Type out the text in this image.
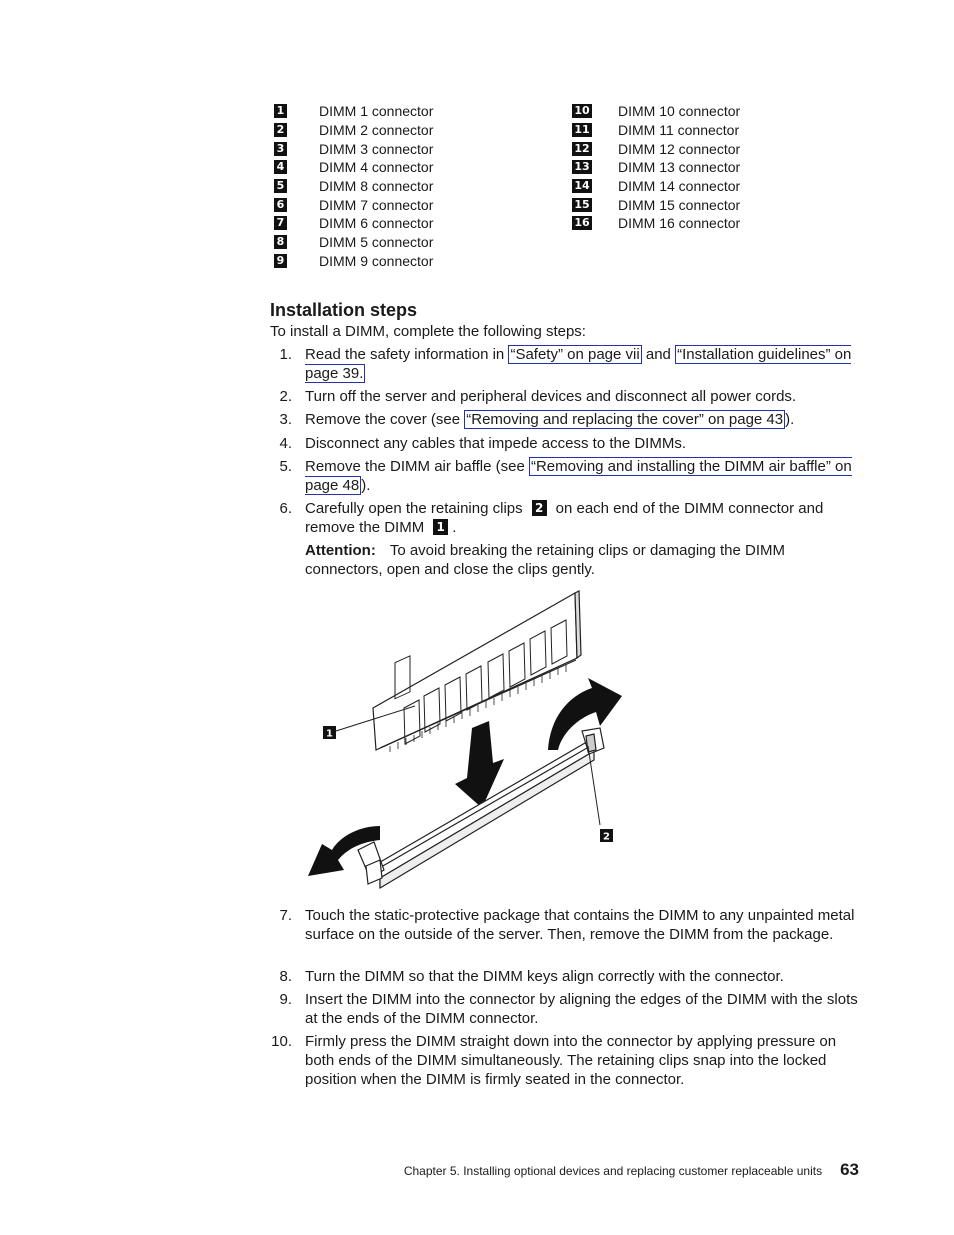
1 DIMM 1 connector
2 DIMM 2 connector
3 DIMM 3 connector
4 DIMM 4 connector
5 DIMM 8 connector
6 DIMM 7 connector
7 DIMM 6 connector
8 DIMM 5 connector
9 DIMM 9 connector
10 DIMM 10 connector
11 DIMM 11 connector
12 DIMM 12 connector
13 DIMM 13 connector
14 DIMM 14 connector
15 DIMM 15 connector
16 DIMM 16 connector
Installation steps
To install a DIMM, complete the following steps:
1. Read the safety information in “Safety” on page vii and “Installation guidelines” on page 39.
2. Turn off the server and peripheral devices and disconnect all power cords.
3. Remove the cover (see “Removing and replacing the cover” on page 43 ).
4. Disconnect any cables that impede access to the DIMMs.
5. Remove the DIMM air baffle (see “Removing and installing the DIMM air baffle” on page 48 ).
6. Carefully open the retaining clips 2 on each end of the DIMM connector and remove the DIMM 1 .
Attention: To avoid breaking the retaining clips or damaging the DIMM connectors, open and close the clips gently.
1
2
7. Touch the static-protective package that contains the DIMM to any unpainted metal surface on the outside of the server. Then, remove the DIMM from the package.
8. Turn the DIMM so that the DIMM keys align correctly with the connector.
9. Insert the DIMM into the connector by aligning the edges of the DIMM with the slots at the ends of the DIMM connector.
10. Firmly press the DIMM straight down into the connector by applying pressure on both ends of the DIMM simultaneously. The retaining clips snap into the locked position when the DIMM is firmly seated in the connector.
Chapter 5. Installing optional devices and replacing customer replaceable units 63
